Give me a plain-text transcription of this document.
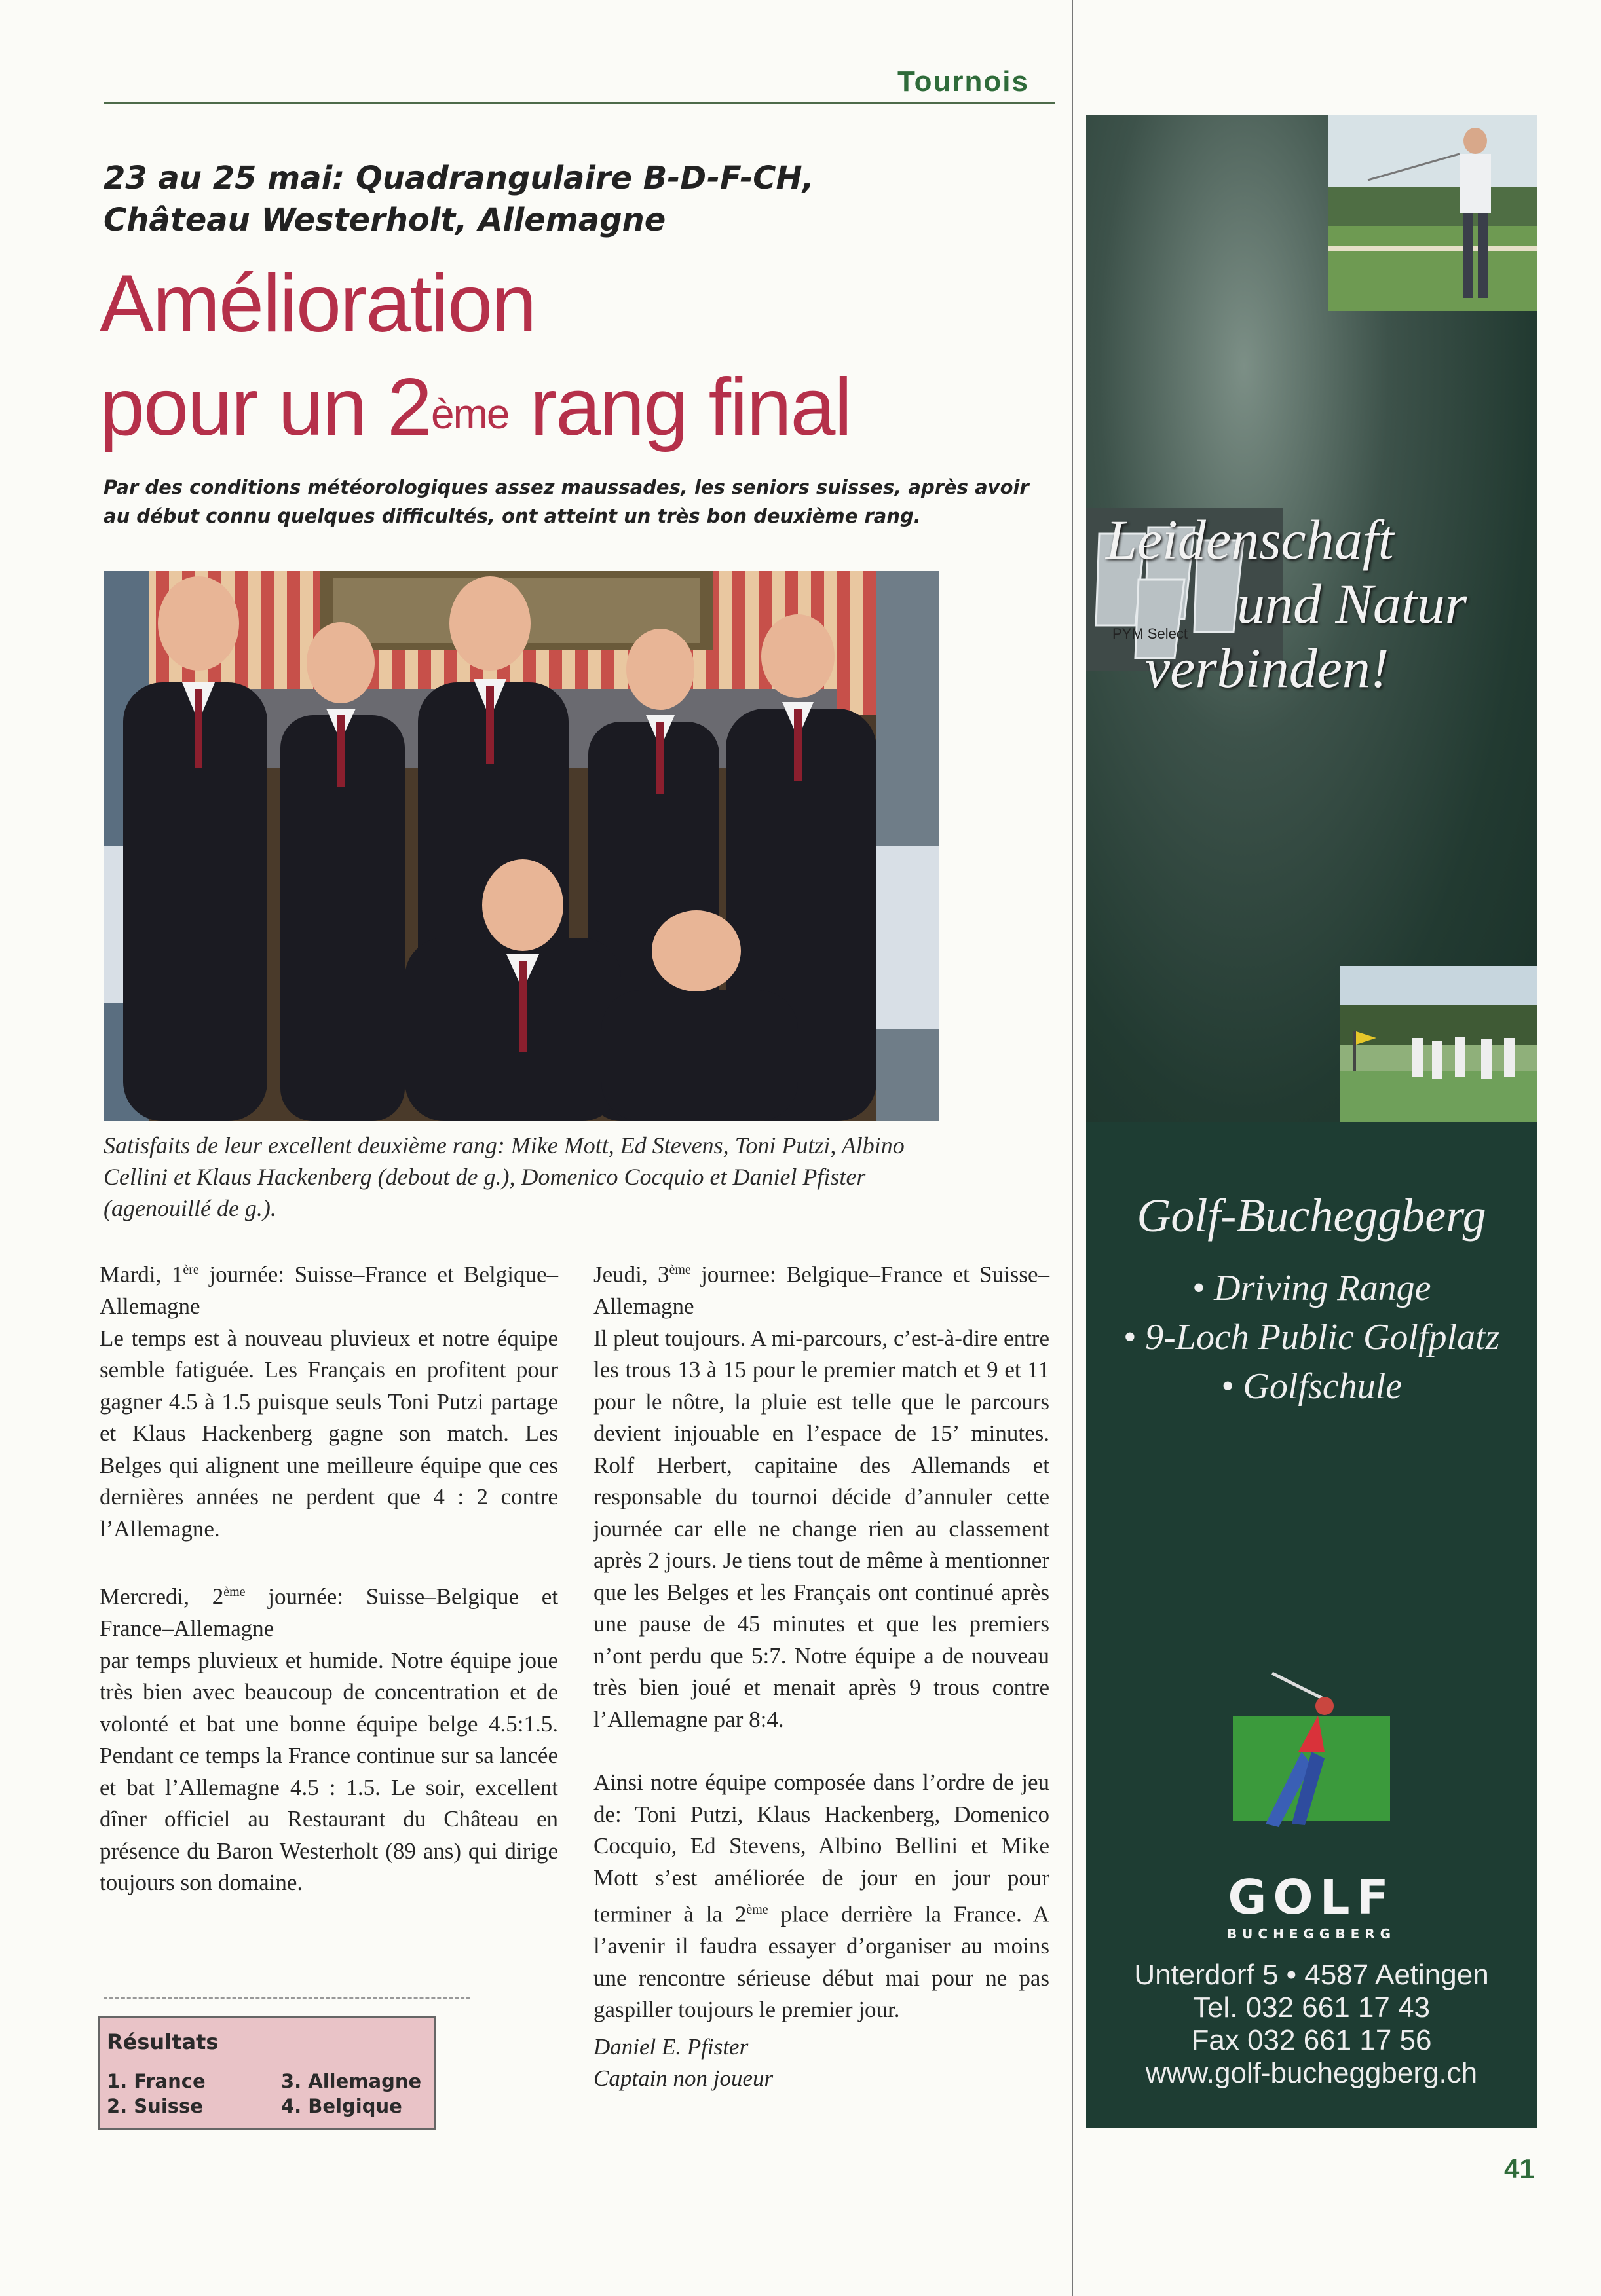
Tournois
23 au 25 mai: Quadrangulaire B-D-F-CH,
Château Westerholt, Allemagne
Amélioration
pour un 2ème rang final
Par des conditions météorologiques assez maussades, les seniors suisses, après avoir au début connu quelques difficultés, ont atteint un très bon deuxième rang.
Satisfaits de leur excellent deuxième rang: Mike Mott, Ed Stevens, Toni Putzi, Albino Cellini et Klaus Hackenberg (debout de g.), Domenico Cocquio et Daniel Pfister (agenouillé de g.).

Mardi, 1ère journée: Suisse–France et Belgique–Allemagne
Le temps est à nouveau pluvieux et notre équipe semble fatiguée. Les Français en profitent pour gagner 4.5 à 1.5 puisque seuls Toni Putzi partage et Klaus Hackenberg gagne son match. Les Belges qui alignent une meilleure équipe que ces dernières années ne perdent que 4 : 2 contre l’Allemagne.

Mercredi, 2ème journée: Suisse–Belgique et France–Allemagne
par temps pluvieux et humide. Notre équipe joue très bien avec beaucoup de concentration et de volonté et bat une bonne équipe belge 4.5:1.5. Pendant ce temps la France continue sur sa lancée et bat l’Allemagne 4.5 : 1.5. Le soir, excellent dîner officiel au Restaurant du Château en présence du Baron Westerholt (89 ans) qui dirige toujours son domaine.

Jeudi, 3ème journee: Belgique–France et Suisse–Allemagne
Il pleut toujours. A mi-parcours, c’est-à-dire entre les trous 13 à 15 pour le premier match et 9 et 11 pour le nôtre, la pluie est telle que le parcours devient injouable en l’espace de 15’ minutes. Rolf Herbert, capitaine des Allemands et responsable du tournoi décide d’annuler cette journée car elle ne change rien au classement après 2 jours. Je tiens tout de même à mentionner que les Belges et les Français ont continué après une pause de 45 minutes et que les premiers n’ont perdu que 5:7. Notre équipe a de nouveau très bien joué et menait après 9 trous contre l’Allemagne par 8:4.

Ainsi notre équipe composée dans l’ordre de jeu de: Toni Putzi, Klaus Hackenberg, Domenico Cocquio, Ed Stevens, Albino Bellini et Mike Mott s’est améliorée de jour en jour pour terminer à la 2ème place derrière la France. A l’avenir il faudra essayer d’organiser au moins une rencontre sérieuse début mai pour ne pas gaspiller toujours le premier jour.

Daniel E. Pfister
Captain non joueur

Résultats
1. France
2. Suisse
3. Allemagne
4. Belgique
PYM Select
Leidenschaft
und Natur
verbinden!
Golf-Bucheggberg
• Driving Range
• 9-Loch Public Golfplatz
• Golfschule
GOLF
BUCHEGGBERG
Unterdorf 5 • 4587 Aetingen
Tel. 032 661 17 43
Fax 032 661 17 56
www.golf-bucheggberg.ch
41
